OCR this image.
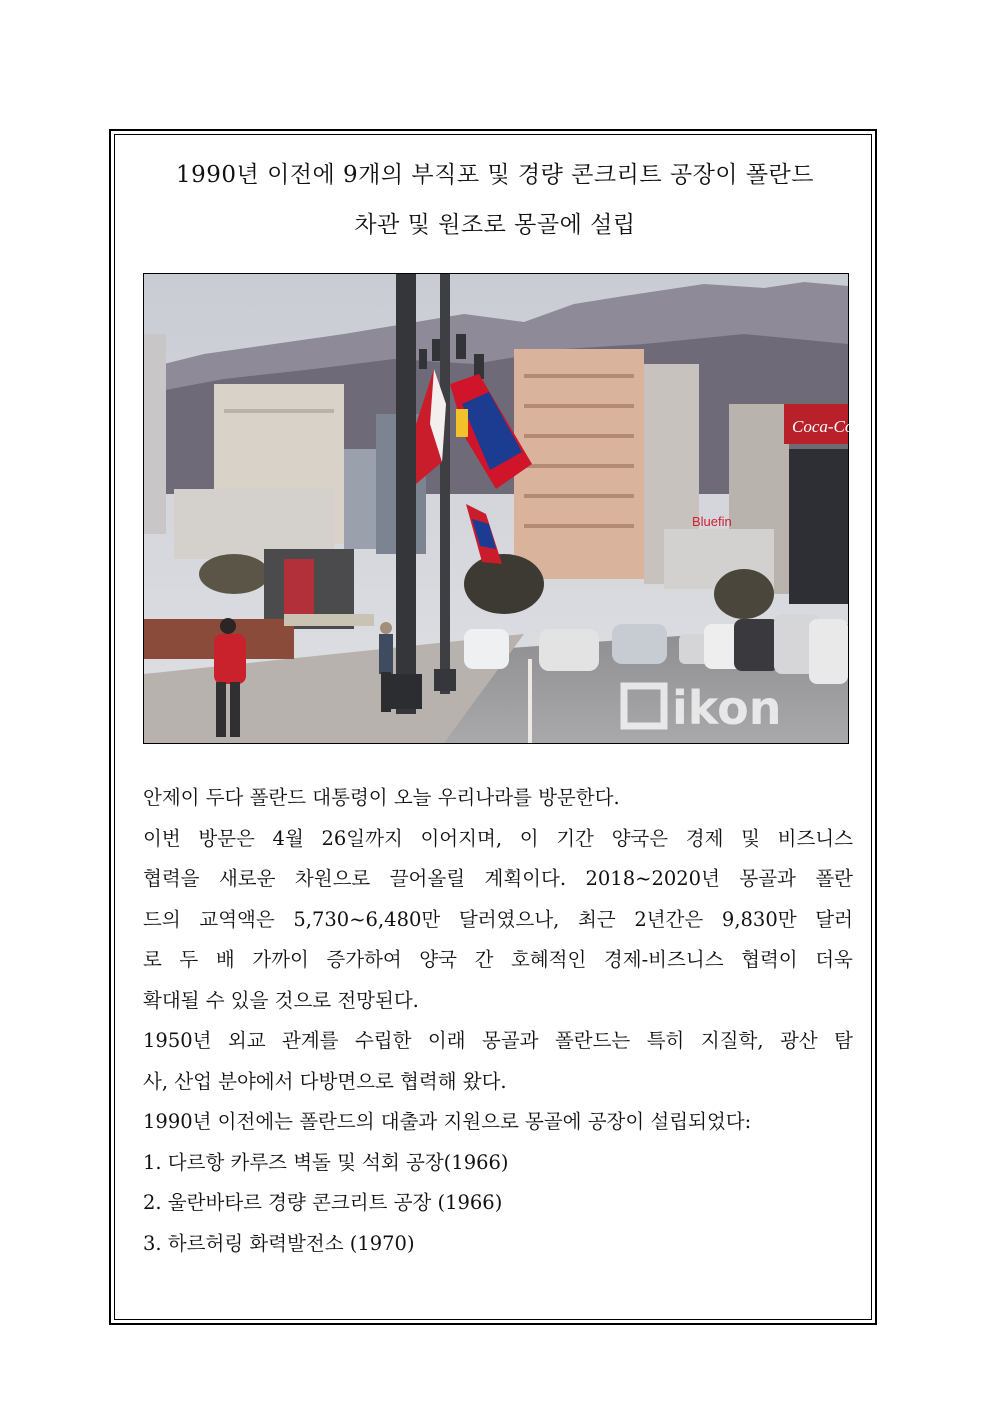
1990년 이전에 9개의 부직포 및 경량 콘크리트 공장이 폴란드
차관 및 원조로 몽골에 설립
Coca-Cola
Bluefin
ikon

안제이 두다 폴란드 대통령이 오늘 우리나라를 방문한다.

이번 방문은 4월 26일까지 이어지며, 이 기간 양국은 경제 및 비즈니스

협력을 새로운 차원으로 끌어올릴 계획이다. 2018~2020년 몽골과 폴란

드의 교역액은 5,730~6,480만 달러였으나, 최근 2년간은 9,830만 달러

로 두 배 가까이 증가하여 양국 간 호혜적인 경제-비즈니스 협력이 더욱

확대될 수 있을 것으로 전망된다.

1950년 외교 관계를 수립한 이래 몽골과 폴란드는 특히 지질학, 광산 탐

사, 산업 분야에서 다방면으로 협력해 왔다.

1990년 이전에는 폴란드의 대출과 지원으로 몽골에 공장이 설립되었다:

1. 다르항 카루즈 벽돌 및 석회 공장(1966)

2. 울란바타르 경량 콘크리트 공장 (1966)

3. 하르허링 화력발전소 (1970)
